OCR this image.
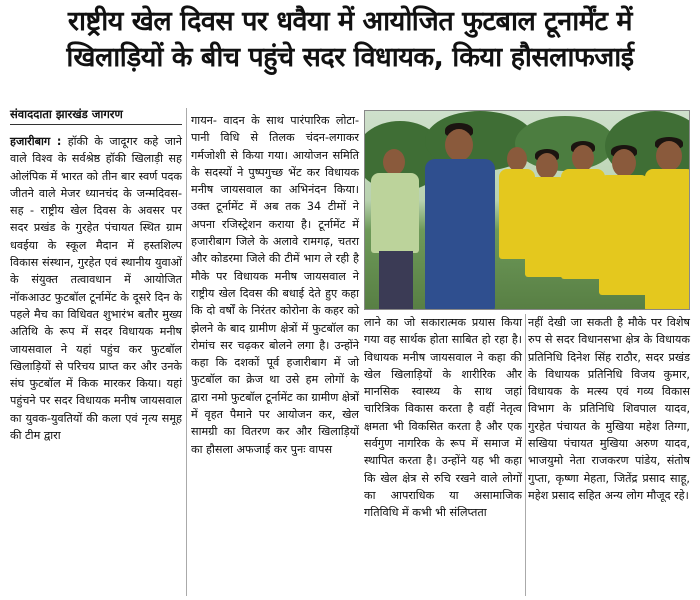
राष्ट्रीय खेल दिवस पर धवैया में आयोजित फुटबाल टूनार्मेंट में
खिलाड़ियों के बीच पहुंचे सदर विधायक, किया हौसलाफजाई
संवाददाता झारखंड जागरण
हजारीबाग : हॉकी के जादूगर कहे जाने वाले विश्व के सर्वश्रेष्ठ हॉकी खिलाड़ी सह ओलंपिक में भारत को तीन बार स्वर्ण पदक जीतने वाले मेजर ध्यानचंद के जन्मदिवस- सह - राष्ट्रीय खेल दिवस के अवसर पर सदर प्रखंड के गुरहेत पंचायत स्थित ग्राम धवईया के स्कूल मैदान में हस्तशिल्प विकास संस्थान, गुरहेत एवं स्थानीय युवाओं के संयुक्त तत्वावधान में आयोजित नॉकआउट फुटबॉल टूर्नामेंट के दूसरे दिन के पहले मैच का विधिवत शुभारंभ बतौर मुख्य अतिथि के रूप में सदर विधायक मनीष जायसवाल ने यहां पहुंच कर फुटबॉल खिलाड़ियों से परिचय प्राप्त कर और उनके संघ फुटबॉल में किक मारकर किया। यहां पहुंचने पर सदर विधायक मनीष जायसवाल का युवक-युवतियों की कला एवं नृत्य समूह की टीम द्वारा
गायन- वादन के साथ पारंपारिक लोटा- पानी विधि से तिलक चंदन-लगाकर गर्मजोशी से किया गया। आयोजन समिति के सदस्यों ने पुष्पगुच्छ भेंट कर विधायक मनीष जायसवाल का अभिनंदन किया। उक्त टूर्नामेंट में अब तक 34 टीमों ने अपना रजिस्ट्रेशन कराया है। टूर्नामेंट में हजारीबाग जिले के अलावे रामगढ़, चतरा और कोडरमा जिले की टीमें भाग ले रही है मौके पर विधायक मनीष जायसवाल ने राष्ट्रीय खेल दिवस की बधाई देते हुए कहा कि दो वर्षों के निरंतर कोरोना के कहर को झेलने के बाद ग्रामीण क्षेत्रों में फुटबॉल का रोमांच सर चढ़कर बोलने लगा है। उन्होंने कहा कि दशकों पूर्व हजारीबाग में जो फुटबॉल का क्रेज था उसे हम लोगों के द्वारा नमो फुटबॉल टूर्नामेंट का ग्रामीण क्षेत्रों में वृहत पैमाने पर आयोजन कर, खेल सामग्री का वितरण कर और खिलाड़ियों का हौसला अफजाई कर पुनः वापस
लाने का जो सकारात्मक प्रयास किया गया वह सार्थक होता साबित हो रहा है। विधायक मनीष जायसवाल ने कहा की खेल खिलाड़ियों के शारीरिक और मानसिक स्वास्थ्य के साथ जहां चारित्रिक विकास करता है वहीं नेतृत्व क्षमता भी विकसित करता है और एक सर्वगुण नागरिक के रूप में समाज में स्थापित करता है। उन्होंने यह भी कहा कि खेल क्षेत्र से रुचि रखने वाले लोगों का आपराधिक या असामाजिक गतिविधि में कभी भी संलिप्तता
नहीं देखी जा सकती है मौके पर विशेष रुप से सदर विधानसभा क्षेत्र के विधायक प्रतिनिधि दिनेश सिंह राठौर, सदर प्रखंड के विधायक प्रतिनिधि विजय कुमार, विधायक के मत्स्य एवं गव्य विकास विभाग के प्रतिनिधि शिवपाल यादव, गुरहेत पंचायत के मुखिया महेश तिग्गा, सखिया पंचायत मुखिया अरुण यादव, भाजयुमो नेता राजकरण पांडेय, संतोष गुप्ता, कृष्णा मेहता, जितेंद्र प्रसाद साहू, महेश प्रसाद सहित अन्य लोग मौजूद रहे।
